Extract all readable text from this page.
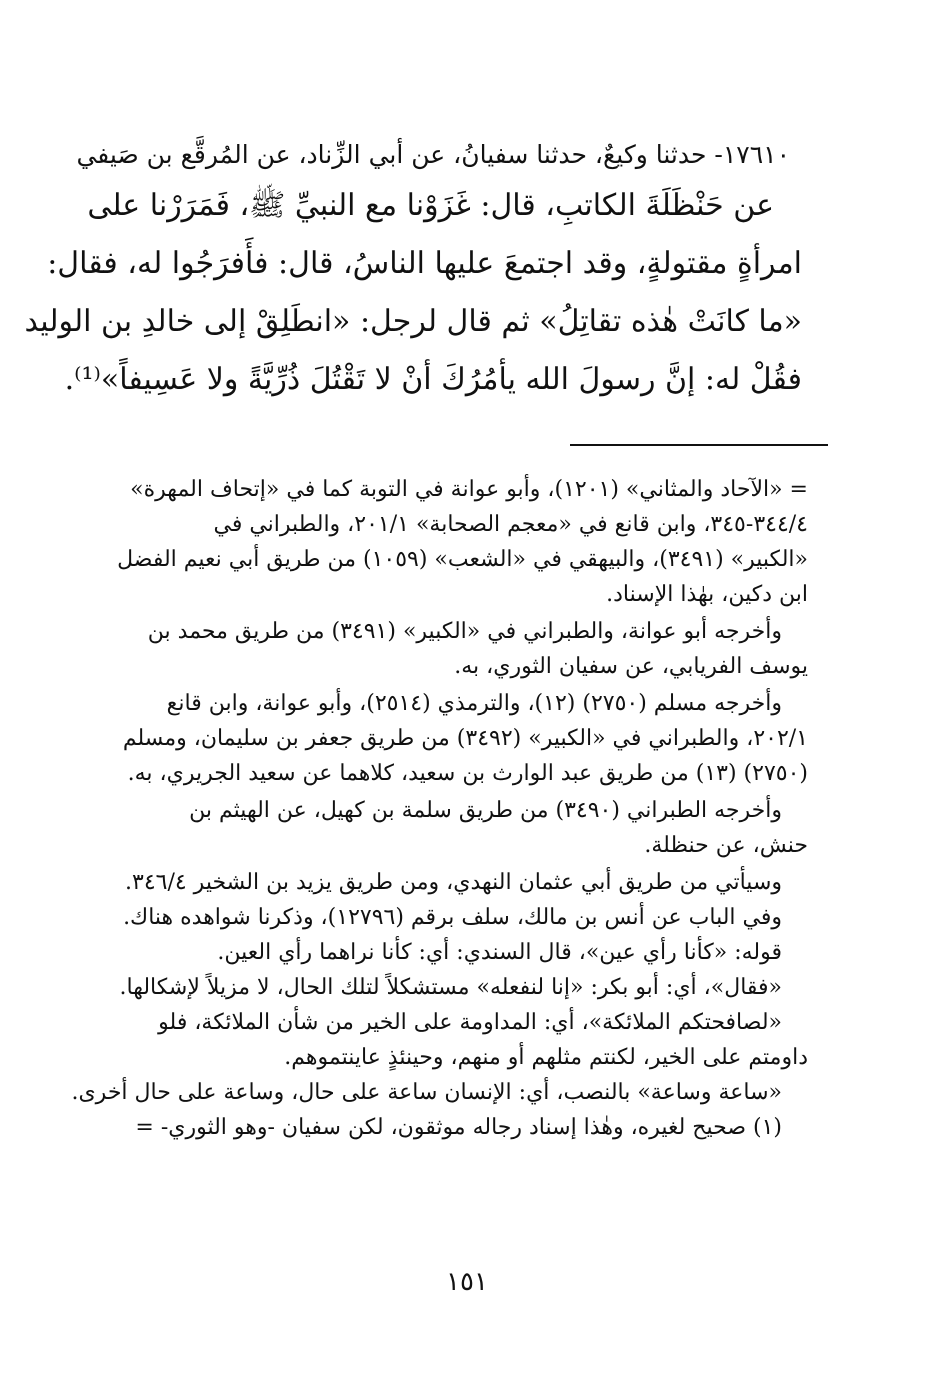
١٧٦١٠- حدثنا وكيعٌ، حدثنا سفيانُ، عن أبي الزِّناد، عن المُرقَّع بن صَيفي
عن حَنْظَلَةَ الكاتبِ، قال: غَزَوْنا مع النبيِّ ﷺ، فَمَرَرْنا على
امرأةٍ مقتولةٍ، وقد اجتمعَ عليها الناسُ، قال: فأَفرَجُوا له، فقال:
«ما كانَتْ هٰذه تقاتِلُ» ثم قال لرجل: «انطَلِقْ إلى خالدِ بن الوليد
فقُلْ له: إنَّ رسولَ الله يأمُرُكَ أنْ لا تَقْتُلَ ذُرِّيَّةً ولا عَسِيفاً»⁽¹⁾.
= «الآحاد والمثاني» (١٢٠١)، وأبو عوانة في التوبة كما في «إتحاف المهرة»
٣٤٤/٤-٣٤٥، وابن قانع في «معجم الصحابة» ٢٠١/١، والطبراني في
«الكبير» (٣٤٩١)، والبيهقي في «الشعب» (١٠٥٩) من طريق أبي نعيم الفضل
ابن دكين، بهٰذا الإسناد.
وأخرجه أبو عوانة، والطبراني في «الكبير» (٣٤٩١) من طريق محمد بن
يوسف الفريابي، عن سفيان الثوري، به.
وأخرجه مسلم (٢٧٥٠) (١٢)، والترمذي (٢٥١٤)، وأبو عوانة، وابن قانع
٢٠٢/١، والطبراني في «الكبير» (٣٤٩٢) من طريق جعفر بن سليمان، ومسلم
(٢٧٥٠) (١٣) من طريق عبد الوارث بن سعيد، كلاهما عن سعيد الجريري، به.
وأخرجه الطبراني (٣٤٩٠) من طريق سلمة بن كهيل، عن الهيثم بن
حنش، عن حنظلة.
وسيأتي من طريق أبي عثمان النهدي، ومن طريق يزيد بن الشخير ٣٤٦/٤.
وفي الباب عن أنس بن مالك، سلف برقم (١٢٧٩٦)، وذكرنا شواهده هناك.
قوله: «كأنا رأي عين»، قال السندي: أي: كأنا نراهما رأي العين.
«فقال»، أي: أبو بكر: «إنا لنفعله» مستشكلاً لتلك الحال، لا مزيلاً لإشكالها.
«لصافحتكم الملائكة»، أي: المداومة على الخير من شأن الملائكة، فلو
داومتم على الخير، لكنتم مثلهم أو منهم، وحينئذٍ عاينتموهم.
«ساعة وساعة» بالنصب، أي: الإنسان ساعة على حال، وساعة على حال أخرى.
(١) صحيح لغيره، وهٰذا إسناد رجاله موثقون، لكن سفيان -وهو الثوري- =
١٥١
